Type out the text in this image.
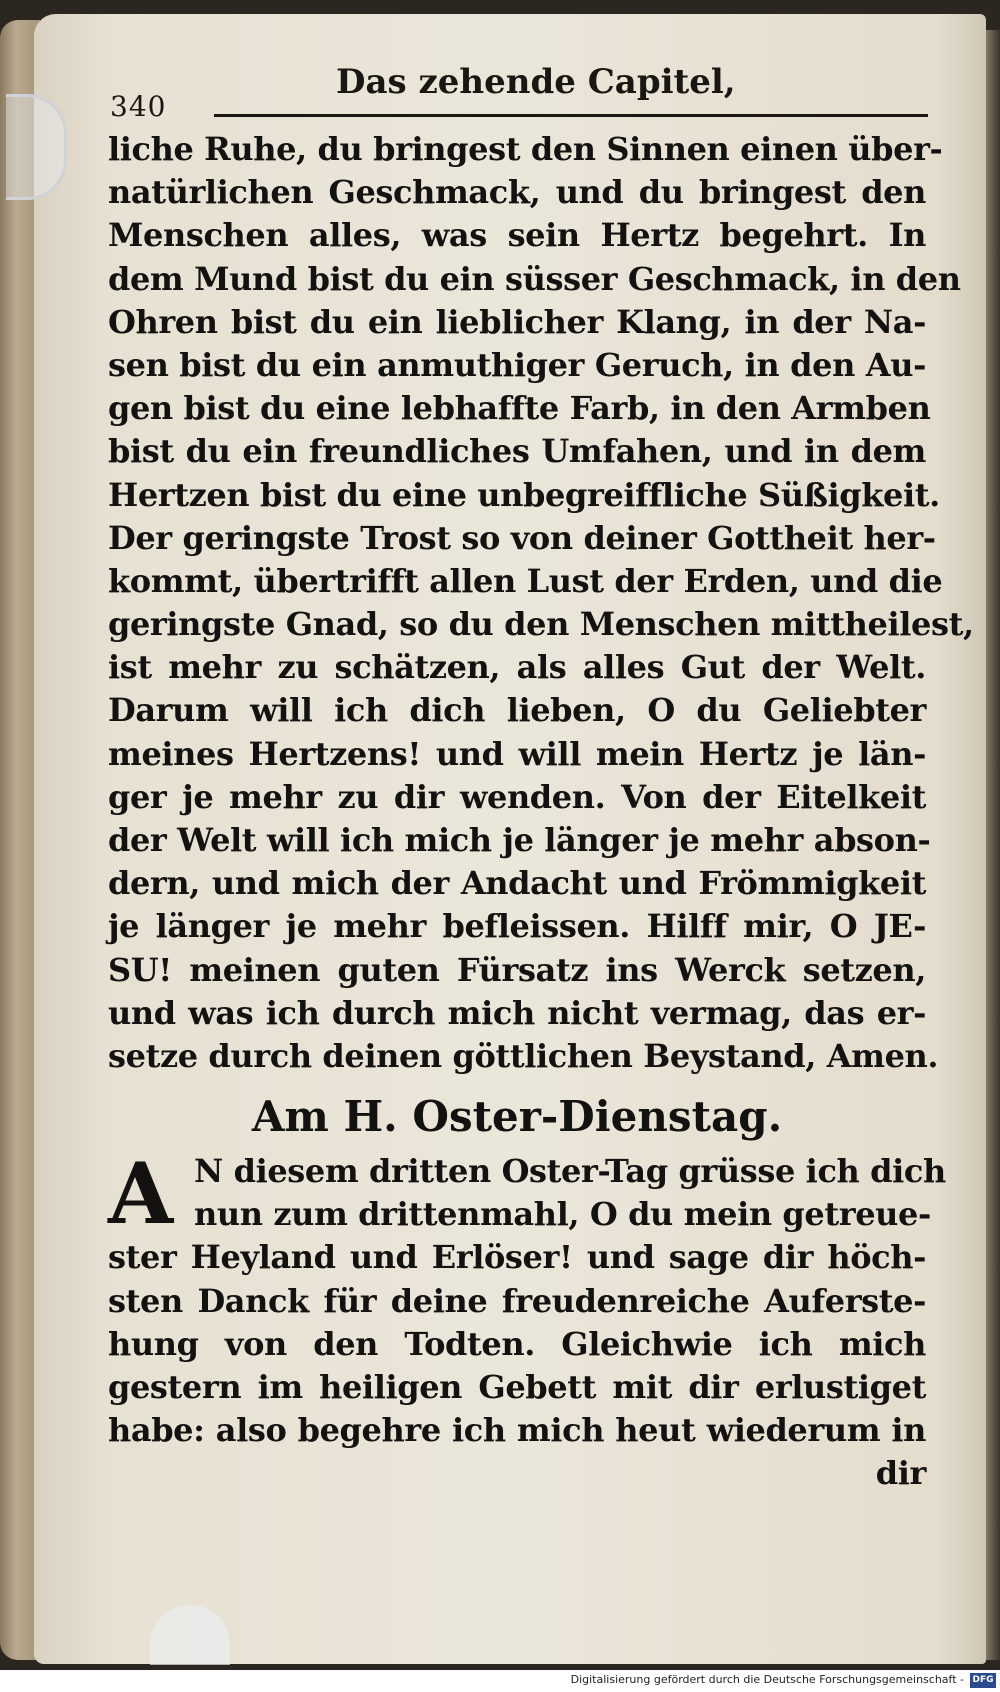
340
Das zehende Capitel,
liche Ruhe, du bringest den Sinnen einen über-
natürlichen Geschmack, und du bringest den
Menschen alles, was sein Hertz begehrt. In
dem Mund bist du ein süsser Geschmack, in den
Ohren bist du ein lieblicher Klang, in der Na-
sen bist du ein anmuthiger Geruch, in den Au-
gen bist du eine lebhaffte Farb, in den Armben
bist du ein freundliches Umfahen, und in dem
Hertzen bist du eine unbegreiffliche Süßigkeit.
Der geringste Trost so von deiner Gottheit her-
kommt, übertrifft allen Lust der Erden, und die
geringste Gnad, so du den Menschen mittheilest,
ist mehr zu schätzen, als alles Gut der Welt.
Darum will ich dich lieben, O du Geliebter
meines Hertzens! und will mein Hertz je län-
ger je mehr zu dir wenden. Von der Eitelkeit
der Welt will ich mich je länger je mehr abson-
dern, und mich der Andacht und Frömmigkeit
je länger je mehr befleissen. Hilff mir, O JE-
SU! meinen guten Fürsatz ins Werck setzen,
und was ich durch mich nicht vermag, das er-
setze durch deinen göttlichen Beystand, Amen.
Am H. Oster-Dienstag.
A N diesem dritten Oster-Tag grüsse ich dich
nun zum drittenmahl, O du mein getreue-
ster Heyland und Erlöser! und sage dir höch-
sten Danck für deine freudenreiche Auferste-
hung von den Todten. Gleichwie ich mich
gestern im heiligen Gebett mit dir erlustiget
habe: also begehre ich mich heut wiederum in
dir
Digitalisierung gefördert durch die Deutsche Forschungsgemeinschaft - DFG
